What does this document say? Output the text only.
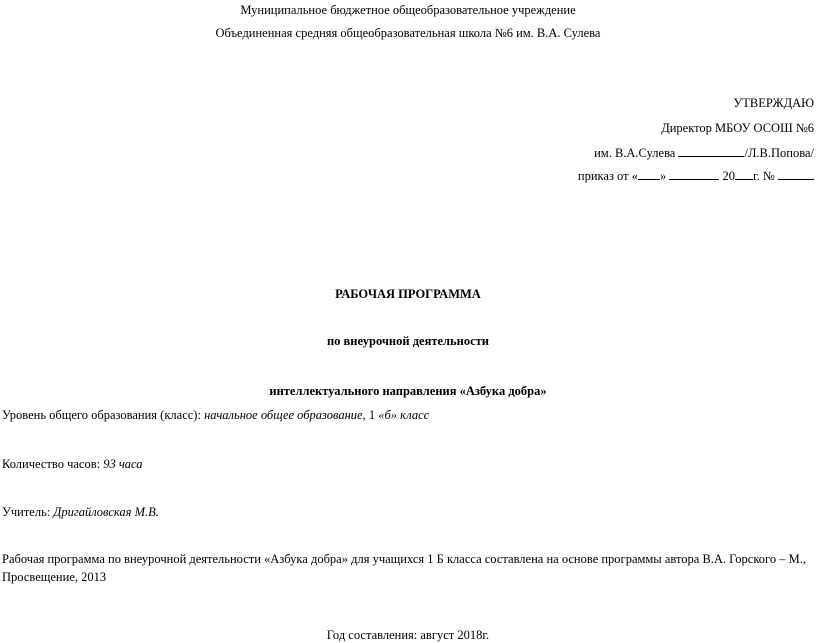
Муниципальное бюджетное общеобразовательное учреждение
Объединенная средняя общеобразовательная школа №6 им. В.А. Сулева
УТВЕРЖДАЮ
Директор МБОУ ОСОШ №6
им. В.А.Сулева	/Л.В.Попова/
приказ от « »	20 г. №
РАБОЧАЯ ПРОГРАММА
по внеурочной деятельности
интеллектуального направления «Азбука добра»
Уровень общего образования (класс): начальное общее образование, 1 «б» класс
Количество часов: 93 часа
Учитель: Дригайловская М.В.
Рабочая программа по внеурочной деятельности «Азбука добра» для учащихся 1 Б класса составлена на основе программы автора В.А. Горского – М., Просвещение, 2013
Год составления: август 2018г.
